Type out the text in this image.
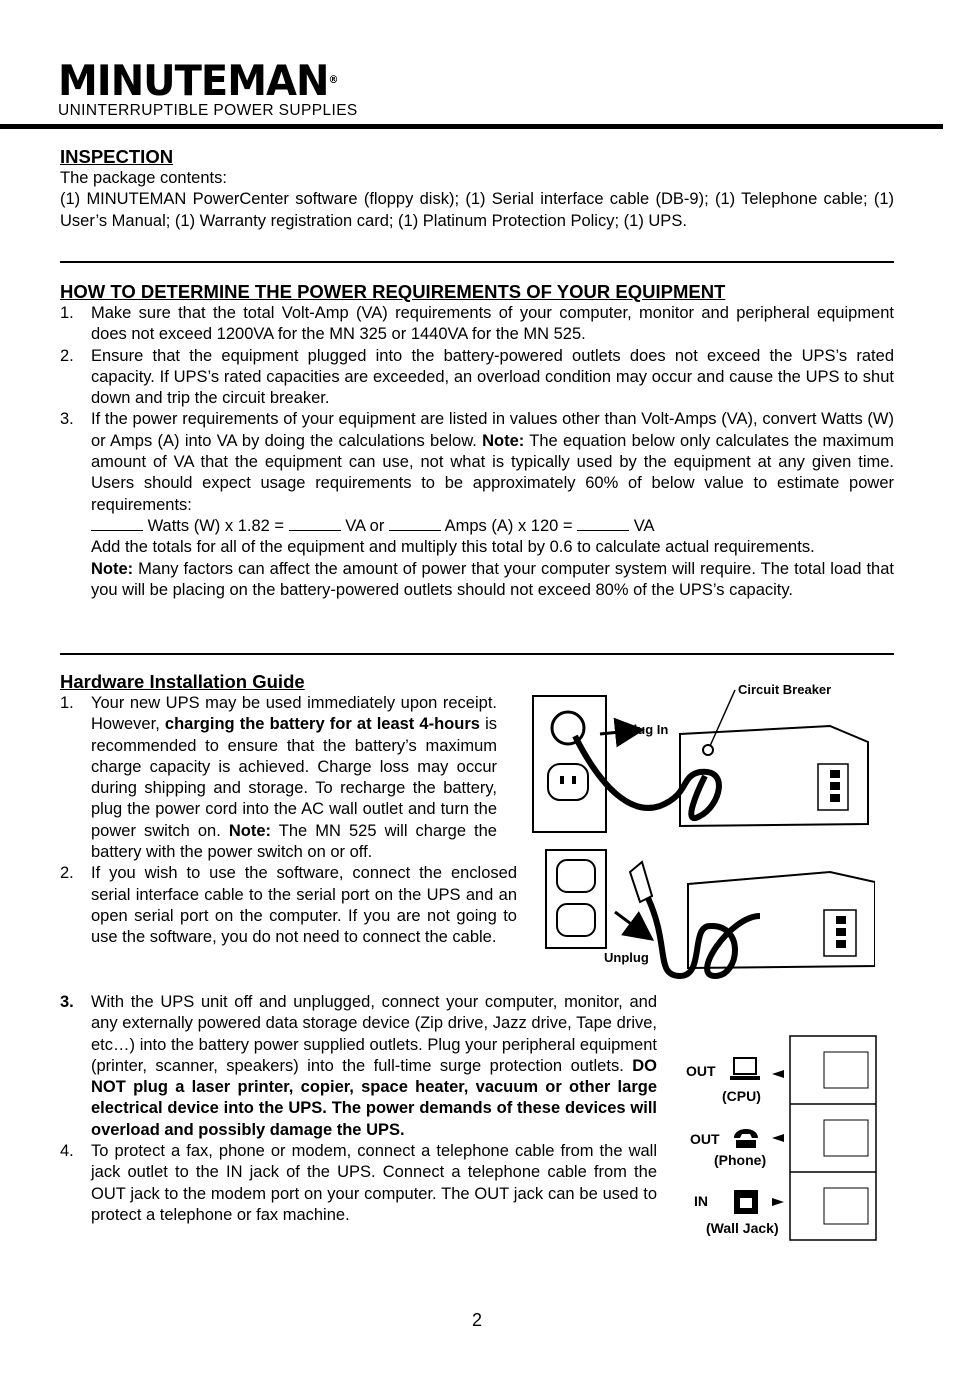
MINUTEMAN®
UNINTERRUPTIBLE POWER SUPPLIES
INSPECTION
The package contents:
(1) MINUTEMAN PowerCenter software (floppy disk); (1) Serial interface cable (DB-9); (1) Telephone cable; (1) User’s Manual; (1) Warranty registration card; (1) Platinum Protection Policy; (1) UPS.
HOW TO DETERMINE THE POWER REQUIREMENTS OF YOUR EQUIPMENT
1. Make sure that the total Volt-Amp (VA) requirements of your computer, monitor and peripheral equipment does not exceed 1200VA for the MN 325 or 1440VA for the MN 525.
2. Ensure that the equipment plugged into the battery-powered outlets does not exceed the UPS’s rated capacity. If UPS’s rated capacities are exceeded, an overload condition may occur and cause the UPS to shut down and trip the circuit breaker.
3. If the power requirements of your equipment are listed in values other than Volt-Amps (VA), convert Watts (W) or Amps (A) into VA by doing the calculations below. Note: The equation below only calculates the maximum amount of VA that the equipment can use, not what is typically used by the equipment at any given time. Users should expect usage requirements to be approximately 60% of below value to estimate power requirements:
Watts (W) x 1.82 =	VA or	Amps (A) x 120 =	VA
Add the totals for all of the equipment and multiply this total by 0.6 to calculate actual requirements.
Note: Many factors can affect the amount of power that your computer system will require. The total load that you will be placing on the battery-powered outlets should not exceed 80% of the UPS’s capacity.
Hardware Installation Guide
1. Your new UPS may be used immediately upon receipt. However, charging the battery for at least 4-hours is recommended to ensure that the battery’s maximum charge capacity is achieved. Charge loss may occur during shipping and storage. To recharge the battery, plug the power cord into the AC wall outlet and turn the power switch on. Note: The MN 525 will charge the battery with the power switch on or off.
2. If you wish to use the software, connect the enclosed serial interface cable to the serial port on the UPS and an open serial port on the computer. If you are not going to use the software, you do not need to connect the cable.
3. With the UPS unit off and unplugged, connect your computer, monitor, and any externally powered data storage device (Zip drive, Jazz drive, Tape drive, etc…) into the battery power supplied outlets. Plug your peripheral equipment (printer, scanner, speakers) into the full-time surge protection outlets. DO NOT plug a laser printer, copier, space heater, vacuum or other large electrical device into the UPS. The power demands of these devices will overload and possibly damage the UPS.
4. To protect a fax, phone or modem, connect a telephone cable from the wall jack outlet to the IN jack of the UPS. Connect a telephone cable from the OUT jack to the modem port on your computer. The OUT jack can be used to protect a telephone or fax machine.
Circuit Breaker
Plug In
Unplug
OUT
(CPU)
OUT
(Phone)
IN
(Wall Jack)
2
